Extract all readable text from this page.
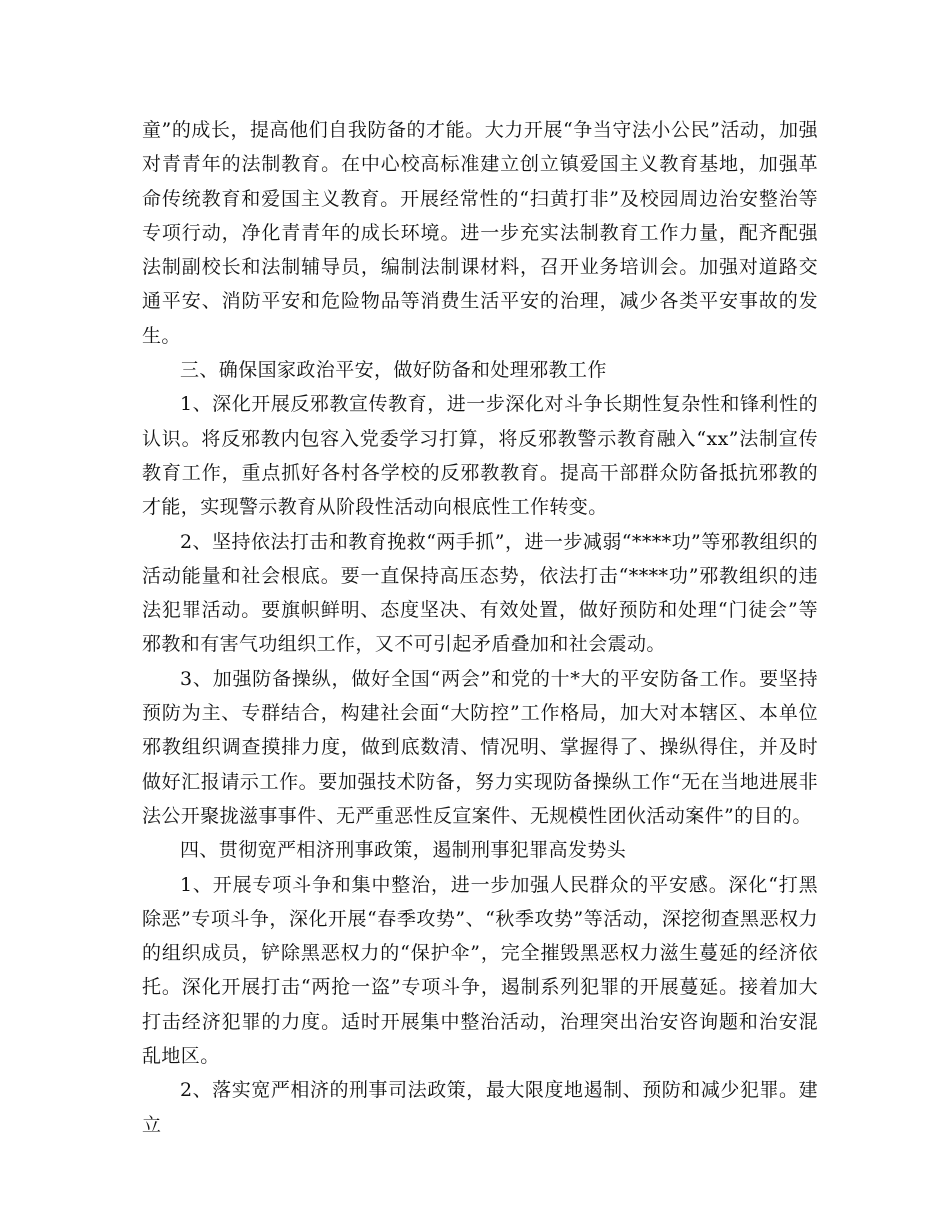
童”的成长，提高他们自我防备的才能。大力开展“争当守法小公民”活动，加强对青青年的法制教育。在中心校高标准建立创立镇爱国主义教育基地，加强革命传统教育和爱国主义教育。开展经常性的“扫黄打非”及校园周边治安整治等专项行动，净化青青年的成长环境。进一步充实法制教育工作力量，配齐配强法制副校长和法制辅导员，编制法制课材料，召开业务培训会。加强对道路交通平安、消防平安和危险物品等消费生活平安的治理，减少各类平安事故的发生。

三、确保国家政治平安，做好防备和处理邪教工作

1、深化开展反邪教宣传教育，进一步深化对斗争长期性复杂性和锋利性的认识。将反邪教内包容入党委学习打算，将反邪教警示教育融入“xx”法制宣传教育工作，重点抓好各村各学校的反邪教教育。提高干部群众防备抵抗邪教的才能，实现警示教育从阶段性活动向根底性工作转变。

2、坚持依法打击和教育挽救“两手抓”，进一步减弱“****功”等邪教组织的活动能量和社会根底。要一直保持高压态势，依法打击“****功”邪教组织的违法犯罪活动。要旗帜鲜明、态度坚决、有效处置，做好预防和处理“门徒会”等邪教和有害气功组织工作，又不可引起矛盾叠加和社会震动。

3、加强防备操纵，做好全国“两会”和党的十*大的平安防备工作。要坚持预防为主、专群结合，构建社会面“大防控”工作格局，加大对本辖区、本单位邪教组织调查摸排力度，做到底数清、情况明、掌握得了、操纵得住，并及时做好汇报请示工作。要加强技术防备，努力实现防备操纵工作“无在当地进展非法公开聚拢滋事事件、无严重恶性反宣案件、无规模性团伙活动案件”的目的。

四、贯彻宽严相济刑事政策，遏制刑事犯罪高发势头

1、开展专项斗争和集中整治，进一步加强人民群众的平安感。深化“打黑除恶”专项斗争，深化开展“春季攻势”、“秋季攻势”等活动，深挖彻查黑恶权力的组织成员，铲除黑恶权力的“保护伞”，完全摧毁黑恶权力滋生蔓延的经济依托。深化开展打击“两抢一盗”专项斗争，遏制系列犯罪的开展蔓延。接着加大打击经济犯罪的力度。适时开展集中整治活动，治理突出治安咨询题和治安混乱地区。

2、落实宽严相济的刑事司法政策，最大限度地遏制、预防和减少犯罪。建立
